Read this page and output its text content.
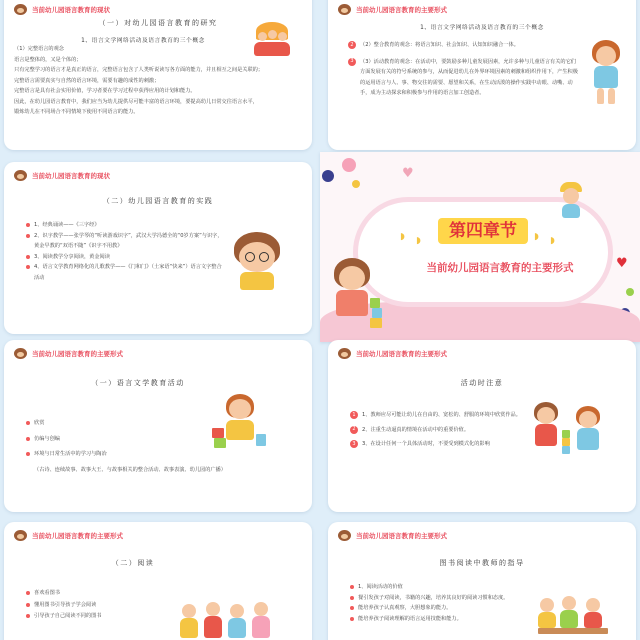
当前幼儿园语言教育的现状
（一）对幼儿园语言教育的研究
1、语言文学网络活动及语言教育的三个概念
（1）完整语言的观念
语言是整体的，又是个体的；
只有完整学习的语言才是真正的语言，完整语言包含了人类听说读写各方面的能力，并且相互之间是关联的；
完整语言需要真实与自然的语言环境，需要有趣的成性的刺激；
完整语言是具有社会实用价值，学习者要在学习过程中获得应用的计划和能力。
因此，在幼儿园语言教育中，我们应当为幼儿提供尽可能丰富的语言环境，要提高幼儿日常交往语言水平，
锻炼幼儿在不同场合不同情境下使用不同语言的能力。
当前幼儿园语言教育的主要形式
1、语言文学网络活动及语言教育的三个概念
2	（2）整合教育的观念：将语言知识、社会知识、认知知识融合一体。
3	（3）活动教育的观念：在活动中，要鼓励多种儿童发展因素，允许多种与儿童语言有关的它们方面发展有关的符号系统的参与，从而促进幼儿在外界环境因素的刺激和组织作用下，产生积极的运用语言与人、事、物交往的需要、愿望和关系，在生动活泼的操作实践中动眼、动嘴、动手，成为主动探求和积极参与作用的语言加工创造者。
当前幼儿园语言教育的现状
（二）幼儿园语言教育的实践
1、经典诵读——《三字经》
2、识字教学——张学琴的“听读游戏识字”，武汉大学冯德全的“0岁方案”与识字，黄金早教的“双语不随”《识字不用教》
3、阅读教学分享阅读，黄金阅读
4、语言文学教育网络化的儿歌教学——《门和门》（土家语“快来”）语言文字整合活动
♥
♥
◗ ◗	◗ ◗
第四章节
当前幼儿园语言教育的主要形式
当前幼儿园语言教育的主要形式
（一）语言文学教育活动
欣赏
仿编与创编
环境与日常生活中的学习与陶冶
（古诗、连续故事、故事大王、与故事相关的整合活动、故事表演、幼儿园的广播）
当前幼儿园语言教育的主要形式
活动时注意
1	1、教师应尽可能让幼儿在自由的、宽松的、舒服的环境中欣赏作品。
2	2、注重生动逼真的情境在活动中的重要价值。
3	3、在设计任何一个具体活动时，不要受到模式化的影响
当前幼儿园语言教育的主要形式
（二）阅读
喜欢看图书
懂用图书引导孩子学会阅读
引导孩子自己阅读不同的图书
当前幼儿园语言教育的主要形式
图书阅读中教师的指导
1、阅读活动的价值
餐引发孩子对阅读，书籍的兴趣，培养其良好的阅读习惯和态度。
能培养孩子认真观察，大胆想象的能力。
能培养孩子阅读理解的语言运用技能和能力。
